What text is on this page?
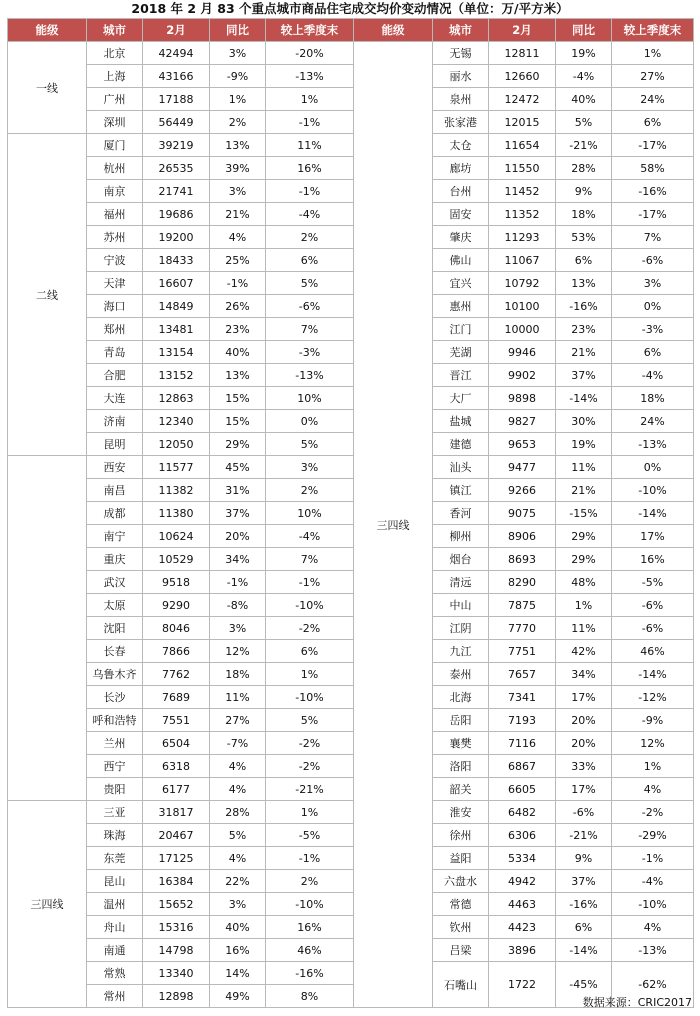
2018 年 2 月 83 个重点城市商品住宅成交均价变动情况（单位：万/平方米）
能级	城市	2月	同比	较上季度末	能级	城市	2月	同比	较上季度末
一线	北京	42494	3%	-20%	三四线	无锡	12811	19%	1%
	上海	43166	-9%	-13%		丽水	12660	-4%	27%
	广州	17188	1%	1%		泉州	12472	40%	24%
	深圳	56449	2%	-1%		张家港	12015	5%	6%
二线	厦门	39219	13%	11%		太仓	11654	-21%	-17%
	杭州	26535	39%	16%		廊坊	11550	28%	58%
	南京	21741	3%	-1%		台州	11452	9%	-16%
	福州	19686	21%	-4%		固安	11352	18%	-17%
	苏州	19200	4%	2%		肇庆	11293	53%	7%
	宁波	18433	25%	6%		佛山	11067	6%	-6%
	天津	16607	-1%	5%		宜兴	10792	13%	3%
	海口	14849	26%	-6%		惠州	10100	-16%	0%
	郑州	13481	23%	7%		江门	10000	23%	-3%
	青岛	13154	40%	-3%		芜湖	9946	21%	6%
	合肥	13152	13%	-13%		晋江	9902	37%	-4%
	大连	12863	15%	10%		大厂	9898	-14%	18%
	济南	12340	15%	0%		盐城	9827	30%	24%
	昆明	12050	29%	5%		建德	9653	19%	-13%
	西安	11577	45%	3%		汕头	9477	11%	0%
	南昌	11382	31%	2%		镇江	9266	21%	-10%
	成都	11380	37%	10%		香河	9075	-15%	-14%
	南宁	10624	20%	-4%		柳州	8906	29%	17%
	重庆	10529	34%	7%		烟台	8693	29%	16%
	武汉	9518	-1%	-1%		清远	8290	48%	-5%
	太原	9290	-8%	-10%		中山	7875	1%	-6%
	沈阳	8046	3%	-2%		江阴	7770	11%	-6%
	长春	7866	12%	6%		九江	7751	42%	46%
	乌鲁木齐	7762	18%	1%		泰州	7657	34%	-14%
	长沙	7689	11%	-10%		北海	7341	17%	-12%
	呼和浩特	7551	27%	5%		岳阳	7193	20%	-9%
	兰州	6504	-7%	-2%		襄樊	7116	20%	12%
	西宁	6318	4%	-2%		洛阳	6867	33%	1%
	贵阳	6177	4%	-21%		韶关	6605	17%	4%
三四线	三亚	31817	28%	1%		淮安	6482	-6%	-2%
	珠海	20467	5%	-5%		徐州	6306	-21%	-29%
	东莞	17125	4%	-1%		益阳	5334	9%	-1%
	昆山	16384	22%	2%		六盘水	4942	37%	-4%
	温州	15652	3%	-10%		常德	4463	-16%	-10%
	舟山	15316	40%	16%		钦州	4423	6%	4%
	南通	14798	16%	46%		吕梁	3896	-14%	-13%
	常熟	13340	14%	-16%		石嘴山	1722	-45%	-62%
	常州	12898	49%	8%						数据来源：CRIC2017
